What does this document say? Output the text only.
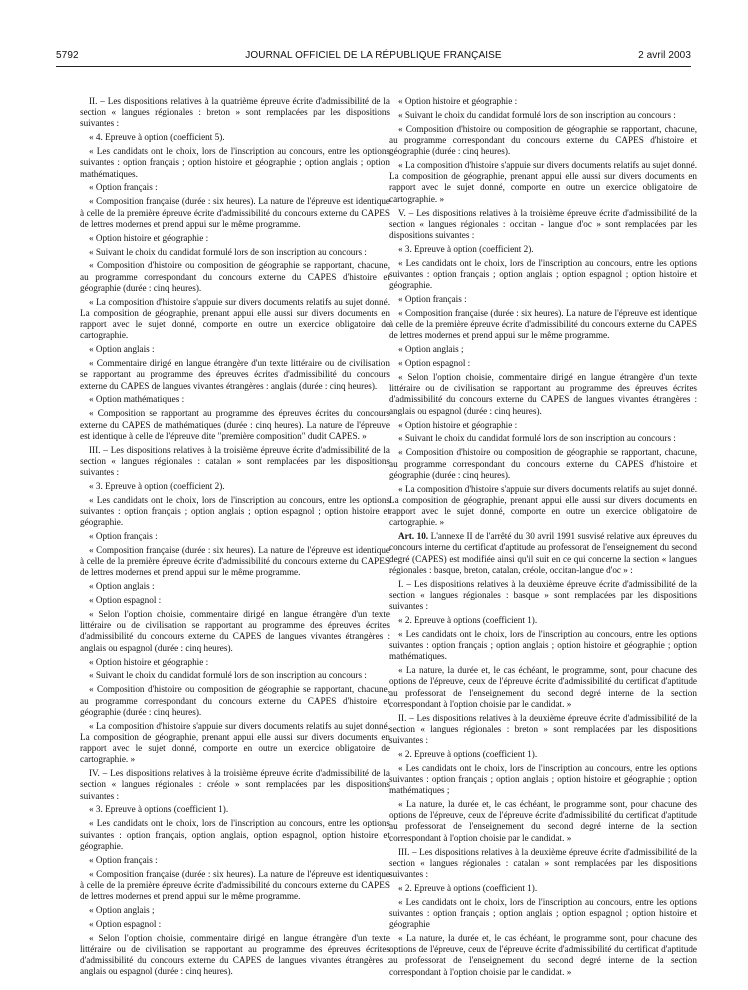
5792	JOURNAL OFFICIEL DE LA RÉPUBLIQUE FRANÇAISE	2 avril 2003

II. – Les dispositions relatives à la quatrième épreuve écrite d'admissibilité de la section « langues régionales : breton » sont remplacées par les dispositions suivantes :

« 4. Epreuve à option (coefficient 5).

« Les candidats ont le choix, lors de l'inscription au concours, entre les options suivantes : option français ; option histoire et géographie ; option anglais ; option mathématiques.

« Option français :

« Composition française (durée : six heures). La nature de l'épreuve est identique à celle de la première épreuve écrite d'admissibilité du concours externe du CAPES de lettres modernes et prend appui sur le même programme.

« Option histoire et géographie :

« Suivant le choix du candidat formulé lors de son inscription au concours :

« Composition d'histoire ou composition de géographie se rapportant, chacune, au programme correspondant du concours externe du CAPES d'histoire et géographie (durée : cinq heures).

« La composition d'histoire s'appuie sur divers documents relatifs au sujet donné. La composition de géographie, prenant appui elle aussi sur divers documents en rapport avec le sujet donné, comporte en outre un exercice obligatoire de cartographie.

« Option anglais :

« Commentaire dirigé en langue étrangère d'un texte littéraire ou de civilisation se rapportant au programme des épreuves écrites d'admissibilité du concours externe du CAPES de langues vivantes étrangères : anglais (durée : cinq heures).

« Option mathématiques :

« Composition se rapportant au programme des épreuves écrites du concours externe du CAPES de mathématiques (durée : cinq heures). La nature de l'épreuve est identique à celle de l'épreuve dite "première composition" dudit CAPES. »

III. – Les dispositions relatives à la troisième épreuve écrite d'admissibilité de la section « langues régionales : catalan » sont remplacées par les dispositions suivantes :

« 3. Epreuve à option (coefficient 2).

« Les candidats ont le choix, lors de l'inscription au concours, entre les options suivantes : option français ; option anglais ; option espagnol ; option histoire et géographie.

« Option français :

« Composition française (durée : six heures). La nature de l'épreuve est identique à celle de la première épreuve écrite d'admissibilité du concours externe du CAPES de lettres modernes et prend appui sur le même programme.

« Option anglais :

« Option espagnol :

« Selon l'option choisie, commentaire dirigé en langue étrangère d'un texte littéraire ou de civilisation se rapportant au programme des épreuves écrites d'admissibilité du concours externe du CAPES de langues vivantes étrangères : anglais ou espagnol (durée : cinq heures).

« Option histoire et géographie :

« Suivant le choix du candidat formulé lors de son inscription au concours :

« Composition d'histoire ou composition de géographie se rapportant, chacune, au programme correspondant du concours externe du CAPES d'histoire et géographie (durée : cinq heures).

« La composition d'histoire s'appuie sur divers documents relatifs au sujet donné. La composition de géographie, prenant appui elle aussi sur divers documents en rapport avec le sujet donné, comporte en outre un exercice obligatoire de cartographie. »

IV. – Les dispositions relatives à la troisième épreuve écrite d'admissibilité de la section « langues régionales : créole » sont remplacées par les dispositions suivantes :

« 3. Epreuve à options (coefficient 1).

« Les candidats ont le choix, lors de l'inscription au concours, entre les options suivantes : option français, option anglais, option espagnol, option histoire et géographie.

« Option français :

« Composition française (durée : six heures). La nature de l'épreuve est identique à celle de la première épreuve écrite d'admissibilité du concours externe du CAPES de lettres modernes et prend appui sur le même programme.

« Option anglais ;

« Option espagnol :

« Selon l'option choisie, commentaire dirigé en langue étrangère d'un texte littéraire ou de civilisation se rapportant au programme des épreuves écrites d'admissibilité du concours externe du CAPES de langues vivantes étrangères : anglais ou espagnol (durée : cinq heures).

« Option histoire et géographie :

« Suivant le choix du candidat formulé lors de son inscription au concours :

« Composition d'histoire ou composition de géographie se rapportant, chacune, au programme correspondant du concours externe du CAPES d'histoire et géographie (durée : cinq heures).

« La composition d'histoire s'appuie sur divers documents relatifs au sujet donné. La composition de géographie, prenant appui elle aussi sur divers documents en rapport avec le sujet donné, comporte en outre un exercice obligatoire de cartographie. »

V. – Les dispositions relatives à la troisième épreuve écrite d'admissibilité de la section « langues régionales : occitan - langue d'oc » sont remplacées par les dispositions suivantes :

« 3. Epreuve à option (coefficient 2).

« Les candidats ont le choix, lors de l'inscription au concours, entre les options suivantes : option français ; option anglais ; option espagnol ; option histoire et géographie.

« Option français :

« Composition française (durée : six heures). La nature de l'épreuve est identique à celle de la première épreuve écrite d'admissibilité du concours externe du CAPES de lettres modernes et prend appui sur le même programme.

« Option anglais ;

« Option espagnol :

« Selon l'option choisie, commentaire dirigé en langue étrangère d'un texte littéraire ou de civilisation se rapportant au programme des épreuves écrites d'admissibilité du concours externe du CAPES de langues vivantes étrangères : anglais ou espagnol (durée : cinq heures).

« Option histoire et géographie :

« Suivant le choix du candidat formulé lors de son inscription au concours :

« Composition d'histoire ou composition de géographie se rapportant, chacune, au programme correspondant du concours externe du CAPES d'histoire et géographie (durée : cinq heures).

« La composition d'histoire s'appuie sur divers documents relatifs au sujet donné. La composition de géographie, prenant appui elle aussi sur divers documents en rapport avec le sujet donné, comporte en outre un exercice obligatoire de cartographie. »

Art. 10. L'annexe II de l'arrêté du 30 avril 1991 susvisé relative aux épreuves du concours interne du certificat d'aptitude au professorat de l'enseignement du second degré (CAPES) est modifiée ainsi qu'il suit en ce qui concerne la section « langues régionales : basque, breton, catalan, créole, occitan-langue d'oc » :

I. – Les dispositions relatives à la deuxième épreuve écrite d'admissibilité de la section « langues régionales : basque » sont remplacées par les dispositions suivantes :

« 2. Epreuve à options (coefficient 1).

« Les candidats ont le choix, lors de l'inscription au concours, entre les options suivantes : option français ; option anglais ; option histoire et géographie ; option mathématiques.

« La nature, la durée et, le cas échéant, le programme, sont, pour chacune des options de l'épreuve, ceux de l'épreuve écrite d'admissibilité du certificat d'aptitude au professorat de l'enseignement du second degré interne de la section correspondant à l'option choisie par le candidat. »

II. – Les dispositions relatives à la deuxième épreuve écrite d'admissibilité de la section « langues régionales : breton » sont remplacées par les dispositions suivantes :

« 2. Epreuve à options (coefficient 1).

« Les candidats ont le choix, lors de l'inscription au concours, entre les options suivantes : option français ; option anglais ; option histoire et géographie ; option mathématiques ;

« La nature, la durée et, le cas échéant, le programme sont, pour chacune des options de l'épreuve, ceux de l'épreuve écrite d'admissibilité du certificat d'aptitude au professorat de l'enseignement du second degré interne de la section correspondant à l'option choisie par le candidat. »

III. – Les dispositions relatives à la deuxième épreuve écrite d'admissibilité de la section « langues régionales : catalan » sont remplacées par les dispositions suivantes :

« 2. Epreuve à options (coefficient 1).

« Les candidats ont le choix, lors de l'inscription au concours, entre les options suivantes : option français ; option anglais ; option espagnol ; option histoire et géographie

« La nature, la durée et, le cas échéant, le programme sont, pour chacune des options de l'épreuve, ceux de l'épreuve écrite d'admissibilité du certificat d'aptitude au professorat de l'enseignement du second degré interne de la section correspondant à l'option choisie par le candidat. »
